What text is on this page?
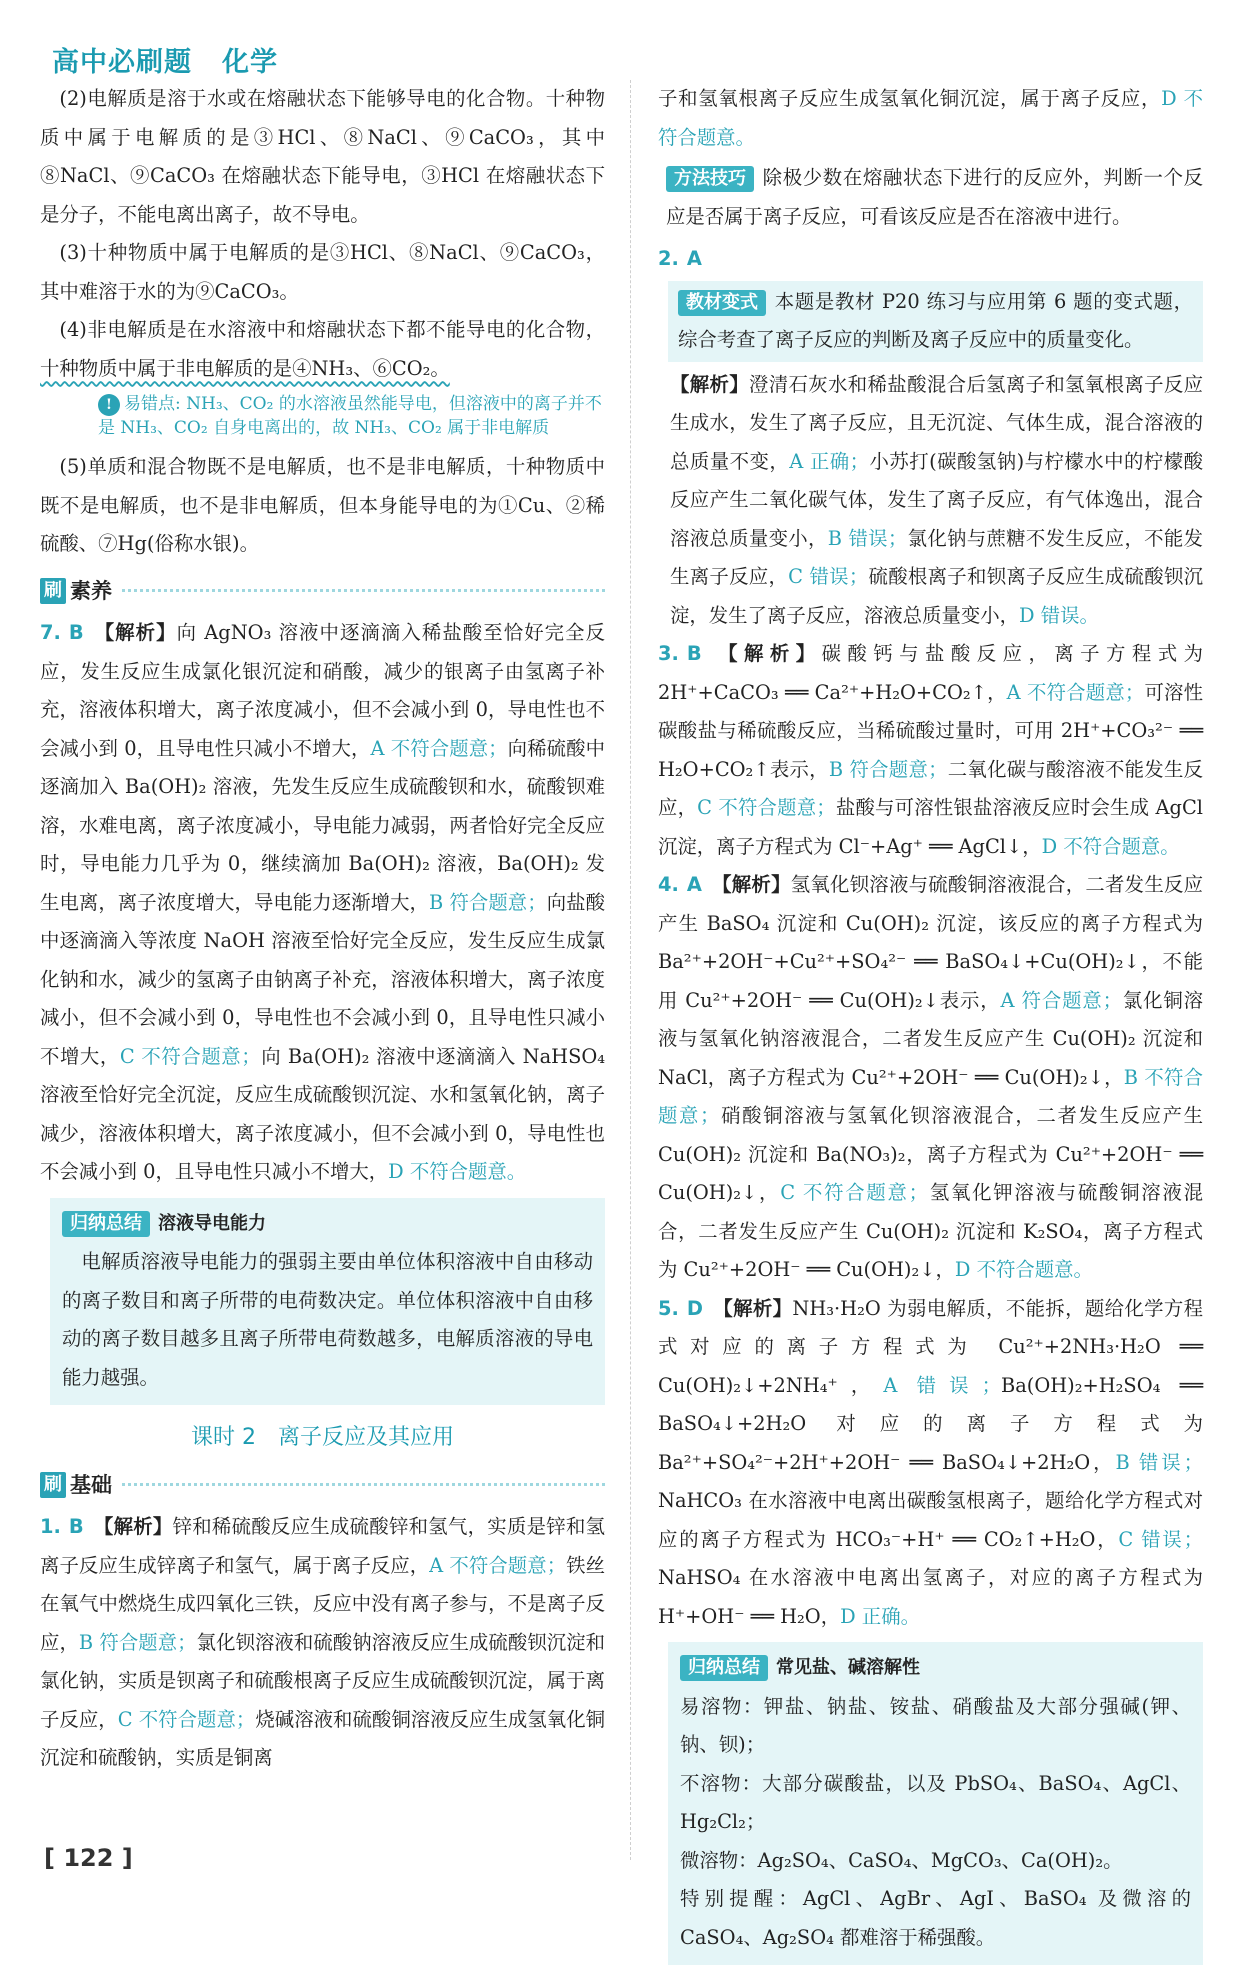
高中必刷题 化学

(2)电解质是溶于水或在熔融状态下能够导电的化合物。十种物质中属于电解质的是③HCl、⑧NaCl、⑨CaCO₃，其中⑧NaCl、⑨CaCO₃ 在熔融状态下能导电，③HCl 在熔融状态下是分子，不能电离出离子，故不导电。

(3)十种物质中属于电解质的是③HCl、⑧NaCl、⑨CaCO₃，其中难溶于水的为⑨CaCO₃。

(4)非电解质是在水溶液中和熔融状态下都不能导电的化合物，十种物质中属于非电解质的是④NH₃、⑥CO₂。

! 易错点: NH₃、CO₂ 的水溶液虽然能导电，但溶液中的离子并不是 NH₃、CO₂ 自身电离出的，故 NH₃、CO₂ 属于非电解质

(5)单质和混合物既不是电解质，也不是非电解质，十种物质中既不是电解质，也不是非电解质，但本身能导电的为①Cu、②稀硫酸、⑦Hg(俗称水银)。

刷 素养

7. B 【解析】向 AgNO₃ 溶液中逐滴滴入稀盐酸至恰好完全反应，发生反应生成氯化银沉淀和硝酸，减少的银离子由氢离子补充，溶液体积增大，离子浓度减小，但不会减小到 0，导电性也不会减小到 0，且导电性只减小不增大，A 不符合题意；向稀硫酸中逐滴加入 Ba(OH)₂ 溶液，先发生反应生成硫酸钡和水，硫酸钡难溶，水难电离，离子浓度减小，导电能力减弱，两者恰好完全反应时，导电能力几乎为 0，继续滴加 Ba(OH)₂ 溶液，Ba(OH)₂ 发生电离，离子浓度增大，导电能力逐渐增大，B 符合题意；向盐酸中逐滴滴入等浓度 NaOH 溶液至恰好完全反应，发生反应生成氯化钠和水，减少的氢离子由钠离子补充，溶液体积增大，离子浓度减小，但不会减小到 0，导电性也不会减小到 0，且导电性只减小不增大，C 不符合题意；向 Ba(OH)₂ 溶液中逐滴滴入 NaHSO₄ 溶液至恰好完全沉淀，反应生成硫酸钡沉淀、水和氢氧化钠，离子减少，溶液体积增大，离子浓度减小，但不会减小到 0，导电性也不会减小到 0，且导电性只减小不增大，D 不符合题意。

归纳总结 溶液导电能力

电解质溶液导电能力的强弱主要由单位体积溶液中自由移动的离子数目和离子所带的电荷数决定。单位体积溶液中自由移动的离子数目越多且离子所带电荷数越多，电解质溶液的导电能力越强。

课时 2 离子反应及其应用
刷 基础

1. B 【解析】锌和稀硫酸反应生成硫酸锌和氢气，实质是锌和氢离子反应生成锌离子和氢气，属于离子反应，A 不符合题意；铁丝在氧气中燃烧生成四氧化三铁，反应中没有离子参与，不是离子反应，B 符合题意；氯化钡溶液和硫酸钠溶液反应生成硫酸钡沉淀和氯化钠，实质是钡离子和硫酸根离子反应生成硫酸钡沉淀，属于离子反应，C 不符合题意；烧碱溶液和硫酸铜溶液反应生成氢氧化铜沉淀和硫酸钠，实质是铜离

子和氢氧根离子反应生成氢氧化铜沉淀，属于离子反应，D 不符合题意。

方法技巧 除极少数在熔融状态下进行的反应外，判断一个反应是否属于离子反应，可看该反应是否在溶液中进行。

2. A

教材变式 本题是教材 P20 练习与应用第 6 题的变式题，综合考查了离子反应的判断及离子反应中的质量变化。

【解析】澄清石灰水和稀盐酸混合后氢离子和氢氧根离子反应生成水，发生了离子反应，且无沉淀、气体生成，混合溶液的总质量不变，A 正确；小苏打(碳酸氢钠)与柠檬水中的柠檬酸反应产生二氧化碳气体，发生了离子反应，有气体逸出，混合溶液总质量变小，B 错误；氯化钠与蔗糖不发生反应，不能发生离子反应，C 错误；硫酸根离子和钡离子反应生成硫酸钡沉淀，发生了离子反应，溶液总质量变小，D 错误。

3. B 【解析】碳酸钙与盐酸反应，离子方程式为 2H⁺+CaCO₃ ══ Ca²⁺+H₂O+CO₂↑，A 不符合题意；可溶性碳酸盐与稀硫酸反应，当稀硫酸过量时，可用 2H⁺+CO₃²⁻ ══ H₂O+CO₂↑表示，B 符合题意；二氧化碳与酸溶液不能发生反应，C 不符合题意；盐酸与可溶性银盐溶液反应时会生成 AgCl 沉淀，离子方程式为 Cl⁻+Ag⁺ ══ AgCl↓，D 不符合题意。

4. A 【解析】氢氧化钡溶液与硫酸铜溶液混合，二者发生反应产生 BaSO₄ 沉淀和 Cu(OH)₂ 沉淀，该反应的离子方程式为 Ba²⁺+2OH⁻+Cu²⁺+SO₄²⁻ ══ BaSO₄↓+Cu(OH)₂↓，不能用 Cu²⁺+2OH⁻ ══ Cu(OH)₂↓表示，A 符合题意；氯化铜溶液与氢氧化钠溶液混合，二者发生反应产生 Cu(OH)₂ 沉淀和 NaCl，离子方程式为 Cu²⁺+2OH⁻ ══ Cu(OH)₂↓，B 不符合题意；硝酸铜溶液与氢氧化钡溶液混合，二者发生反应产生 Cu(OH)₂ 沉淀和 Ba(NO₃)₂，离子方程式为 Cu²⁺+2OH⁻ ══ Cu(OH)₂↓，C 不符合题意；氢氧化钾溶液与硫酸铜溶液混合，二者发生反应产生 Cu(OH)₂ 沉淀和 K₂SO₄，离子方程式为 Cu²⁺+2OH⁻ ══ Cu(OH)₂↓，D 不符合题意。

5. D 【解析】NH₃·H₂O 为弱电解质，不能拆，题给化学方程式对应的离子方程式为 Cu²⁺+2NH₃·H₂O ══ Cu(OH)₂↓+2NH₄⁺，A 错误；Ba(OH)₂+H₂SO₄ ══ BaSO₄↓+2H₂O 对应的离子方程式为 Ba²⁺+SO₄²⁻+2H⁺+2OH⁻ ══ BaSO₄↓+2H₂O，B 错误；NaHCO₃ 在水溶液中电离出碳酸氢根离子，题给化学方程式对应的离子方程式为 HCO₃⁻+H⁺ ══ CO₂↑+H₂O，C 错误；NaHSO₄ 在水溶液中电离出氢离子，对应的离子方程式为 H⁺+OH⁻ ══ H₂O，D 正确。

归纳总结 常见盐、碱溶解性

易溶物：钾盐、钠盐、铵盐、硝酸盐及大部分强碱(钾、钠、钡)；

不溶物：大部分碳酸盐，以及 PbSO₄、BaSO₄、AgCl、Hg₂Cl₂；

微溶物：Ag₂SO₄、CaSO₄、MgCO₃、Ca(OH)₂。

特别提醒：AgCl、AgBr、AgI、BaSO₄ 及微溶的 CaSO₄、Ag₂SO₄ 都难溶于稀强酸。

[ 122 ]
